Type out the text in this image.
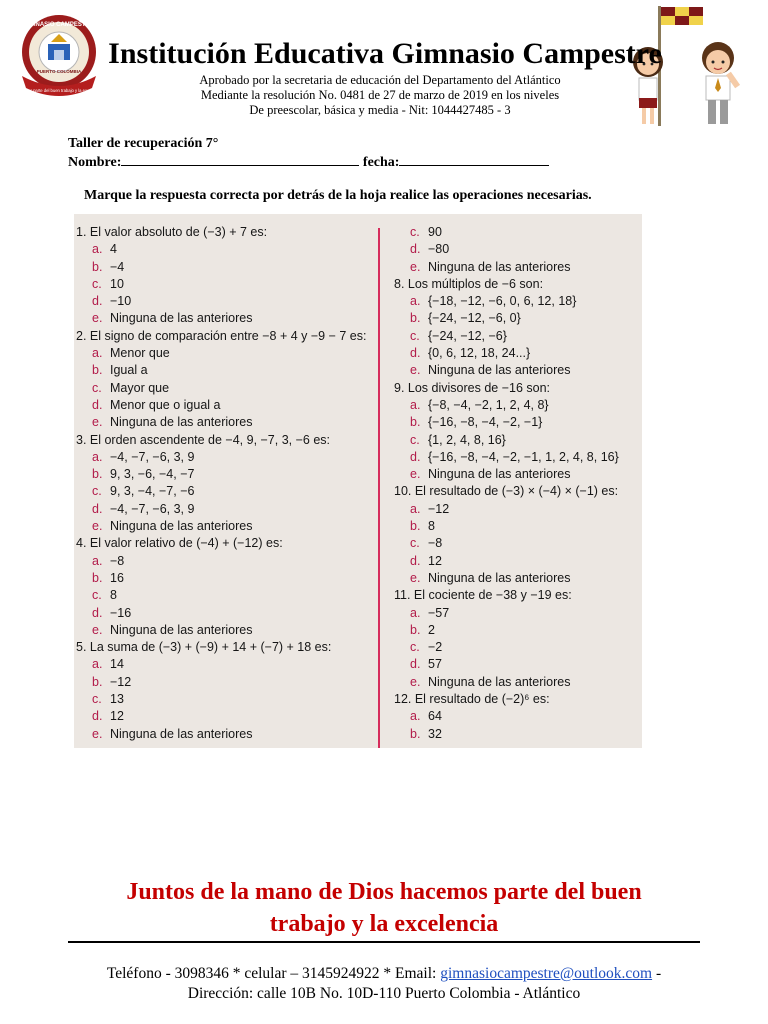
GIMNASIO CAMPESTRE
PUERTO COLOMBIA
Tu hacer parte del buen trabajo y la excelencia
Institución Educativa Gimnasio Campestre
Aprobado por la secretaria de educación del Departamento del Atlántico
Mediante la resolución No. 0481 de 27 de marzo de 2019 en los niveles
De preescolar, básica y media - Nit: 1044427485 - 3
Taller de recuperación 7°
Nombre:	fecha:
Marque la respuesta correcta por detrás de la hoja realice las operaciones necesarias.
1. El valor absoluto de (−3) + 7 es:
a. 4
b. −4
c. 10
d. −10
e. Ninguna de las anteriores
2. El signo de comparación entre −8 + 4 y −9 − 7 es:
a. Menor que
b. Igual a
c. Mayor que
d. Menor que o igual a
e. Ninguna de las anteriores
3. El orden ascendente de −4, 9, −7, 3, −6 es:
a. −4, −7, −6, 3, 9
b. 9, 3, −6, −4, −7
c. 9, 3, −4, −7, −6
d. −4, −7, −6, 3, 9
e. Ninguna de las anteriores
4. El valor relativo de (−4) + (−12) es:
a. −8
b. 16
c. 8
d. −16
e. Ninguna de las anteriores
5. La suma de (−3) + (−9) + 14 + (−7) + 18 es:
a. 14
b. −12
c. 13
d. 12
e. Ninguna de las anteriores
c. 90
d. −80
e. Ninguna de las anteriores
8. Los múltiplos de −6 son:
a. {−18, −12, −6, 0, 6, 12, 18}
b. {−24, −12, −6, 0}
c. {−24, −12, −6}
d. {0, 6, 12, 18, 24...}
e. Ninguna de las anteriores
9. Los divisores de −16 son:
a. {−8, −4, −2, 1, 2, 4, 8}
b. {−16, −8, −4, −2, −1}
c. {1, 2, 4, 8, 16}
d. {−16, −8, −4, −2, −1, 1, 2, 4, 8, 16}
e. Ninguna de las anteriores
10. El resultado de (−3) × (−4) × (−1) es:
a. −12
b. 8
c. −8
d. 12
e. Ninguna de las anteriores
11. El cociente de −38 y −19 es:
a. −57
b. 2
c. −2
d. 57
e. Ninguna de las anteriores
12. El resultado de (−2)⁶ es:
a. 64
b. 32
Juntos de la mano de Dios hacemos parte del buen
trabajo y la excelencia
Teléfono - 3098346 * celular – 3145924922 * Email: gimnasiocampestre@outlook.com -
Dirección: calle 10B No. 10D-110 Puerto Colombia - Atlántico
